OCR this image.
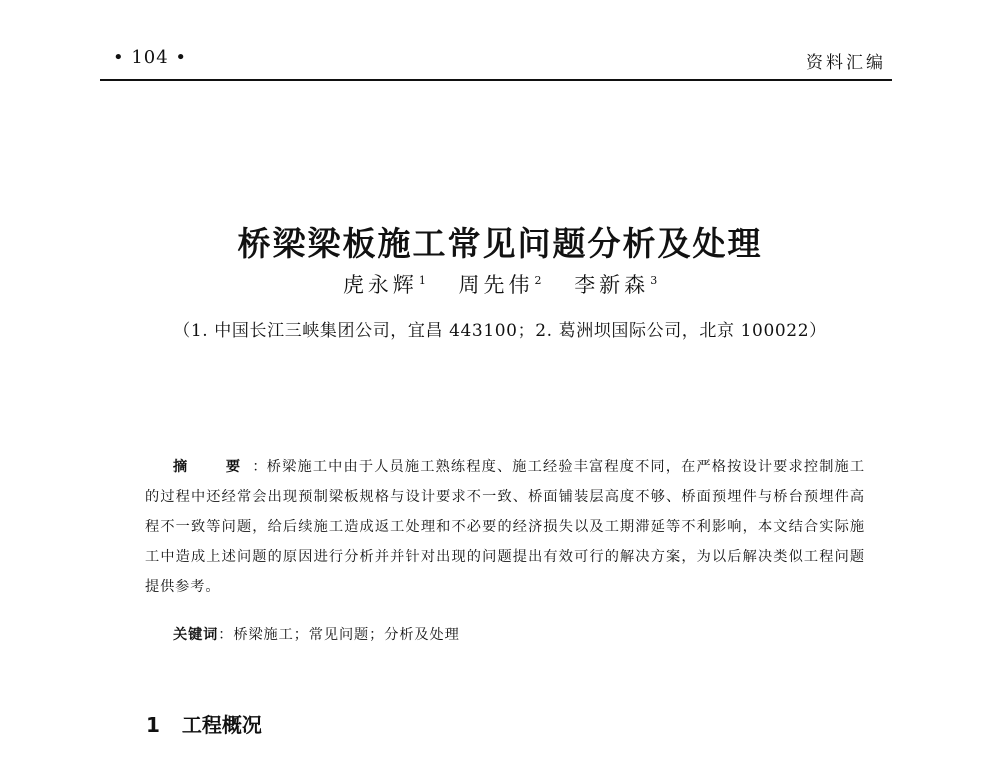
• 104 •	资料汇编
桥梁梁板施工常见问题分析及处理
虎永辉$^1$ 周先伟$^2$ 李新森$^3$
（1. 中国长江三峡集团公司，宜昌 443100；2. 葛洲坝国际公司，北京 100022）

摘　要：桥梁施工中由于人员施工熟练程度、施工经验丰富程度不同，在严格按设计要求控制施工的过程中还经常会出现预制梁板规格与设计要求不一致、桥面铺装层高度不够、桥面预埋件与桥台预埋件高程不一致等问题，给后续施工造成返工处理和不必要的经济损失以及工期滞延等不利影响，本文结合实际施工中造成上述问题的原因进行分析并并针对出现的问题提出有效可行的解决方案，为以后解决类似工程问题提供参考。

关键词：桥梁施工；常见问题；分析及处理
1 工程概况
